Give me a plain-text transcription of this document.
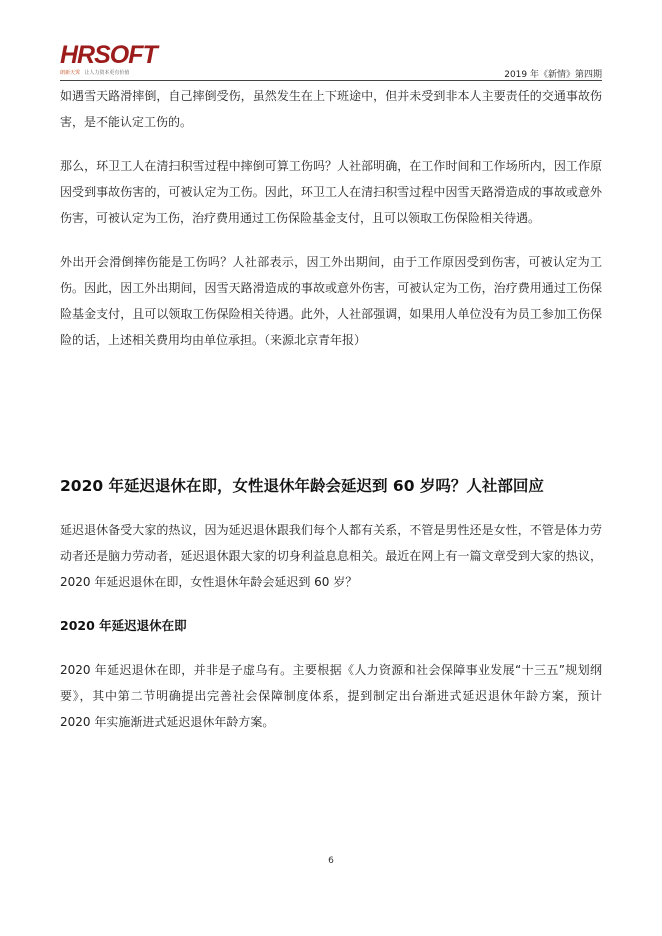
HRSOFT
朗新天霁 让人力资本更有价值	2019 年《新情》第四期

如遇雪天路滑摔倒，自己摔倒受伤，虽然发生在上下班途中，但并未受到非本人主要责任的交通事故伤害，是不能认定工伤的。

那么，环卫工人在清扫积雪过程中摔倒可算工伤吗？人社部明确，在工作时间和工作场所内，因工作原因受到事故伤害的，可被认定为工伤。因此，环卫工人在清扫积雪过程中因雪天路滑造成的事故或意外伤害，可被认定为工伤，治疗费用通过工伤保险基金支付，且可以领取工伤保险相关待遇。

外出开会滑倒摔伤能是工伤吗？人社部表示，因工外出期间，由于工作原因受到伤害，可被认定为工伤。因此，因工外出期间，因雪天路滑造成的事故或意外伤害，可被认定为工伤，治疗费用通过工伤保险基金支付，且可以领取工伤保险相关待遇。此外，人社部强调，如果用人单位没有为员工参加工伤保险的话，上述相关费用均由单位承担。（来源北京青年报）

2020 年延迟退休在即，女性退休年龄会延迟到 60 岁吗？人社部回应

延迟退休备受大家的热议，因为延迟退休跟我们每个人都有关系，不管是男性还是女性，不管是体力劳动者还是脑力劳动者，延迟退休跟大家的切身利益息息相关。最近在网上有一篇文章受到大家的热议，2020 年延迟退休在即，女性退休年龄会延迟到 60 岁？

2020 年延迟退休在即

2020 年延迟退休在即，并非是子虚乌有。主要根据《人力资源和社会保障事业发展“十三五”规划纲要》，其中第二节明确提出完善社会保障制度体系，提到制定出台渐进式延迟退休年龄方案，预计 2020 年实施渐进式延迟退休年龄方案。

6
